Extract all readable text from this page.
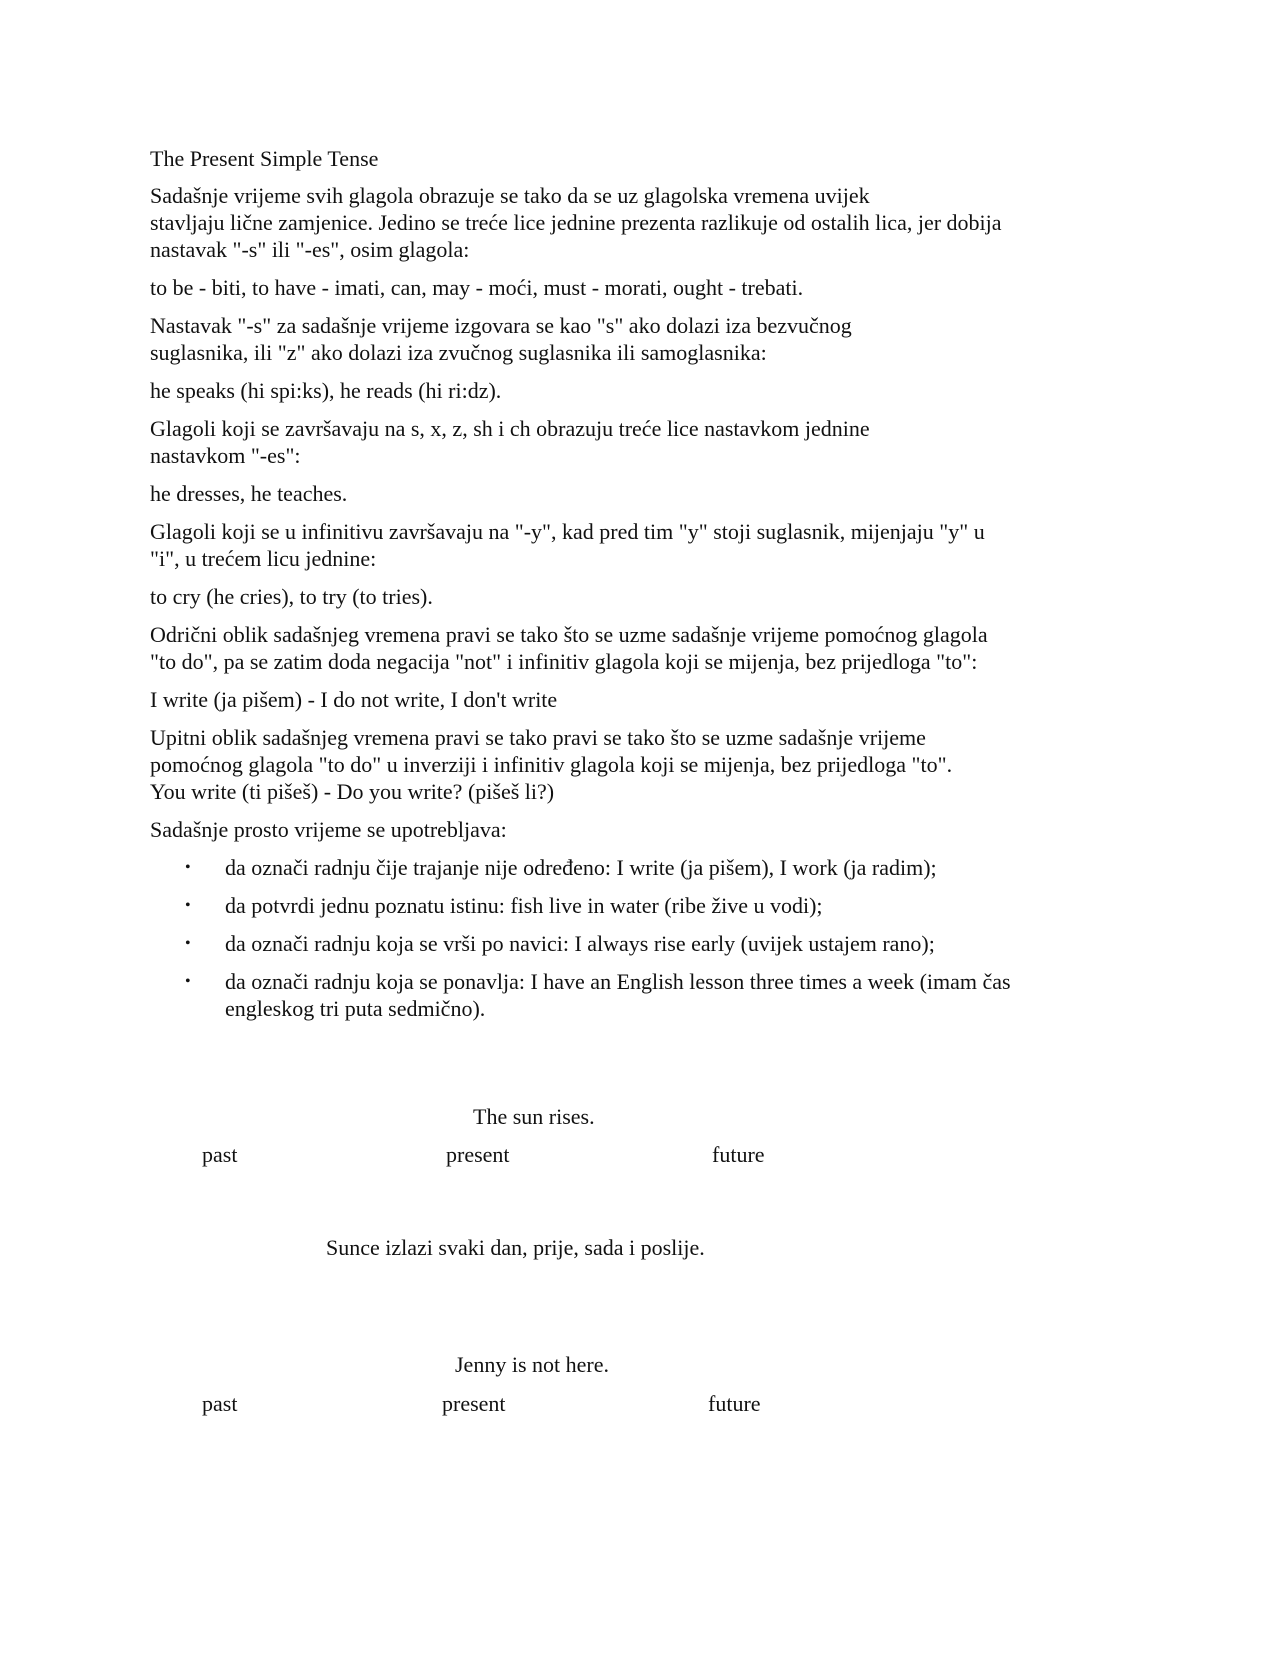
The Present Simple Tense

Sadašnje vrijeme svih glagola obrazuje se tako da se uz glagolska vremena uvijek
stavljaju lične zamjenice. Jedino se treće lice jednine prezenta razlikuje od ostalih lica, jer dobija
nastavak "-s" ili "-es", osim glagola:

to be - biti, to have - imati, can, may - moći, must - morati, ought - trebati.

Nastavak "-s" za sadašnje vrijeme izgovara se kao "s" ako dolazi iza bezvučnog
suglasnika, ili "z" ako dolazi iza zvučnog suglasnika ili samoglasnika:

he speaks (hi spi:ks), he reads (hi ri:dz).

Glagoli koji se završavaju na s, x, z, sh i ch obrazuju treće lice nastavkom jednine
nastavkom "-es":

he dresses, he teaches.

Glagoli koji se u infinitivu završavaju na "-y", kad pred tim "y" stoji suglasnik, mijenjaju "y" u
"i", u trećem licu jednine:

to cry (he cries), to try (to tries).

Odrični oblik sadašnjeg vremena pravi se tako što se uzme sadašnje vrijeme pomoćnog glagola
"to do", pa se zatim doda negacija "not" i infinitiv glagola koji se mijenja, bez prijedloga "to":

I write (ja pišem) - I do not write, I don't write

Upitni oblik sadašnjeg vremena pravi se tako pravi se tako što se uzme sadašnje vrijeme
pomoćnog glagola "to do" u inverziji i infinitiv glagola koji se mijenja, bez prijedloga "to".
You write (ti pišeš) - Do you write? (pišeš li?)

Sadašnje prosto vrijeme se upotrebljava:

• da označi radnju čije trajanje nije određeno: I write (ja pišem), I work (ja radim);
• da potvrdi jednu poznatu istinu: fish live in water (ribe žive u vodi);
• da označi radnju koja se vrši po navici: I always rise early (uvijek ustajem rano);
• da označi radnju koja se ponavlja: I have an English lesson three times a week (imam čas
engleskog tri puta sedmično).
The sun rises.
past	present	future
Sunce izlazi svaki dan, prije, sada i poslije.
Jenny is not here.
past	present	future
